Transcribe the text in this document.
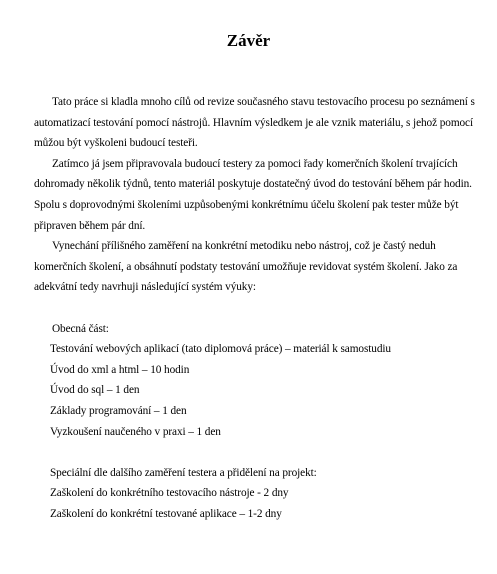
Závěr

Tato práce si kladla mnoho cílů od revize současného stavu testovacího procesu po seznámení s automatizací testování pomocí nástrojů. Hlavním výsledkem je ale vznik materiálu, s jehož pomocí můžou být vyškoleni budoucí testeři.

Zatímco já jsem připravovala budoucí testery za pomoci řady komerčních školení trvajících dohromady několik týdnů, tento materiál poskytuje dostatečný úvod do testování během pár hodin. Spolu s doprovodnými školeními uzpůsobenými konkrétnímu účelu školení pak tester může být připraven během pár dní.

Vynechání přílišného zaměření na konkrétní metodiku nebo nástroj, což je častý neduh komerčních školení, a obsáhnutí podstaty testování umožňuje revidovat systém školení. Jako za adekvátní tedy navrhuji následující systém výuky:

Obecná část:
Testování webových aplikací (tato diplomová práce) – materiál k samostudiu
Úvod do xml a html – 10 hodin
Úvod do sql – 1 den
Základy programování – 1 den
Vyzkoušení naučeného v praxi – 1 den
Speciální dle dalšího zaměření testera a přidělení na projekt:
Zaškolení do konkrétního testovacího nástroje - 2 dny
Zaškolení do konkrétní testované aplikace – 1-2 dny
